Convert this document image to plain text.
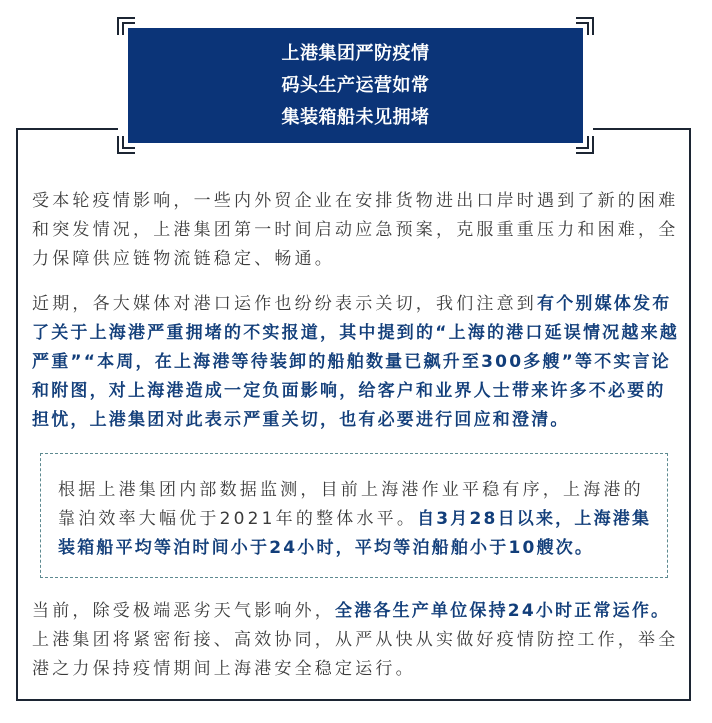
上港集团严防疫情
码头生产运营如常
集装箱船未见拥堵

受本轮疫情影响，一些内外贸企业在安排货物进出口岸时遇到了新的困难和突发情况，上港集团第一时间启动应急预案，克服重重压力和困难，全力保障供应链物流链稳定、畅通。

近期，各大媒体对港口运作也纷纷表示关切，我们注意到有个别媒体发布了关于上海港严重拥堵的不实报道，其中提到的“上海的港口延误情况越来越严重”“本周，在上海港等待装卸的船舶数量已飙升至300多艘”等不实言论和附图，对上海港造成一定负面影响，给客户和业界人士带来许多不必要的担忧，上港集团对此表示严重关切，也有必要进行回应和澄清。

根据上港集团内部数据监测，目前上海港作业平稳有序，上海港的靠泊效率大幅优于2021年的整体水平。自3月28日以来，上海港集装箱船平均等泊时间小于24小时，平均等泊船舶小于10艘次。

当前，除受极端恶劣天气影响外，全港各生产单位保持24小时正常运作。上港集团将紧密衔接、高效协同，从严从快从实做好疫情防控工作，举全港之力保持疫情期间上海港安全稳定运行。
